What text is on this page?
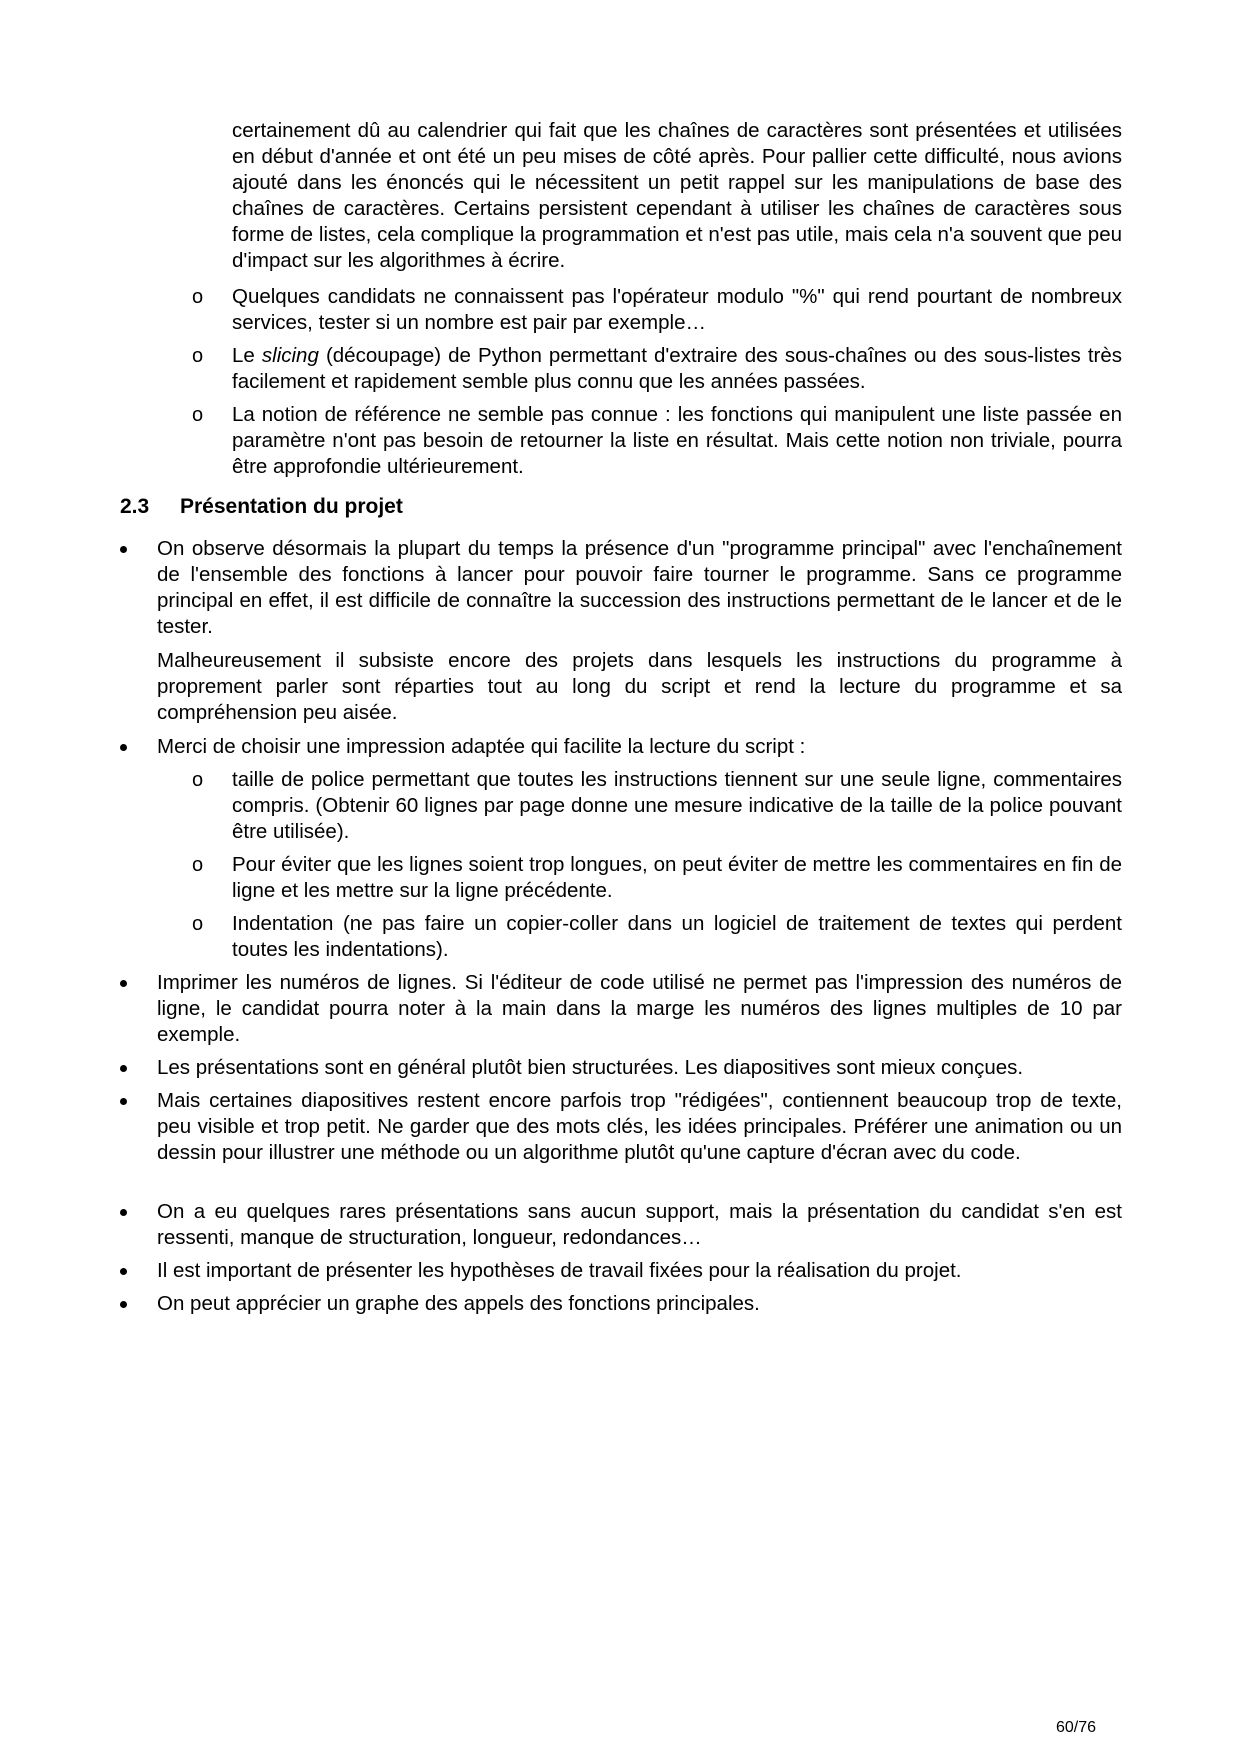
certainement dû au calendrier qui fait que les chaînes de caractères sont présentées et utilisées en début d'année et ont été un peu mises de côté après. Pour pallier cette difficulté, nous avions ajouté dans les énoncés qui le nécessitent un petit rappel sur les manipulations de base des chaînes de caractères. Certains persistent cependant à utiliser les chaînes de caractères sous forme de listes, cela complique la programmation et n'est pas utile, mais cela n'a souvent que peu d'impact sur les algorithmes à écrire.

o Quelques candidats ne connaissent pas l'opérateur modulo "%" qui rend pourtant de nombreux services, tester si un nombre est pair par exemple…

o Le slicing (découpage) de Python permettant d'extraire des sous-chaînes ou des sous-listes très facilement et rapidement semble plus connu que les années passées.

o La notion de référence ne semble pas connue : les fonctions qui manipulent une liste passée en paramètre n'ont pas besoin de retourner la liste en résultat. Mais cette notion non triviale, pourra être approfondie ultérieurement.

2.3 Présentation du projet

On observe désormais la plupart du temps la présence d'un "programme principal" avec l'enchaînement de l'ensemble des fonctions à lancer pour pouvoir faire tourner le programme. Sans ce programme principal en effet, il est difficile de connaître la succession des instructions permettant de le lancer et de le tester.

Malheureusement il subsiste encore des projets dans lesquels les instructions du programme à proprement parler sont réparties tout au long du script et rend la lecture du programme et sa compréhension peu aisée.

Merci de choisir une impression adaptée qui facilite la lecture du script :

o taille de police permettant que toutes les instructions tiennent sur une seule ligne, commentaires compris. (Obtenir 60 lignes par page donne une mesure indicative de la taille de la police pouvant être utilisée).

o Pour éviter que les lignes soient trop longues, on peut éviter de mettre les commentaires en fin de ligne et les mettre sur la ligne précédente.

o Indentation (ne pas faire un copier-coller dans un logiciel de traitement de textes qui perdent toutes les indentations).

Imprimer les numéros de lignes. Si l'éditeur de code utilisé ne permet pas l'impression des numéros de ligne, le candidat pourra noter à la main dans la marge les numéros des lignes multiples de 10 par exemple.

Les présentations sont en général plutôt bien structurées. Les diapositives sont mieux conçues.

Mais certaines diapositives restent encore parfois trop "rédigées", contiennent beaucoup trop de texte, peu visible et trop petit. Ne garder que des mots clés, les idées principales. Préférer une animation ou un dessin pour illustrer une méthode ou un algorithme plutôt qu'une capture d'écran avec du code.

On a eu quelques rares présentations sans aucun support, mais la présentation du candidat s'en est ressenti, manque de structuration, longueur, redondances…

Il est important de présenter les hypothèses de travail fixées pour la réalisation du projet.

On peut apprécier un graphe des appels des fonctions principales.

60/76
